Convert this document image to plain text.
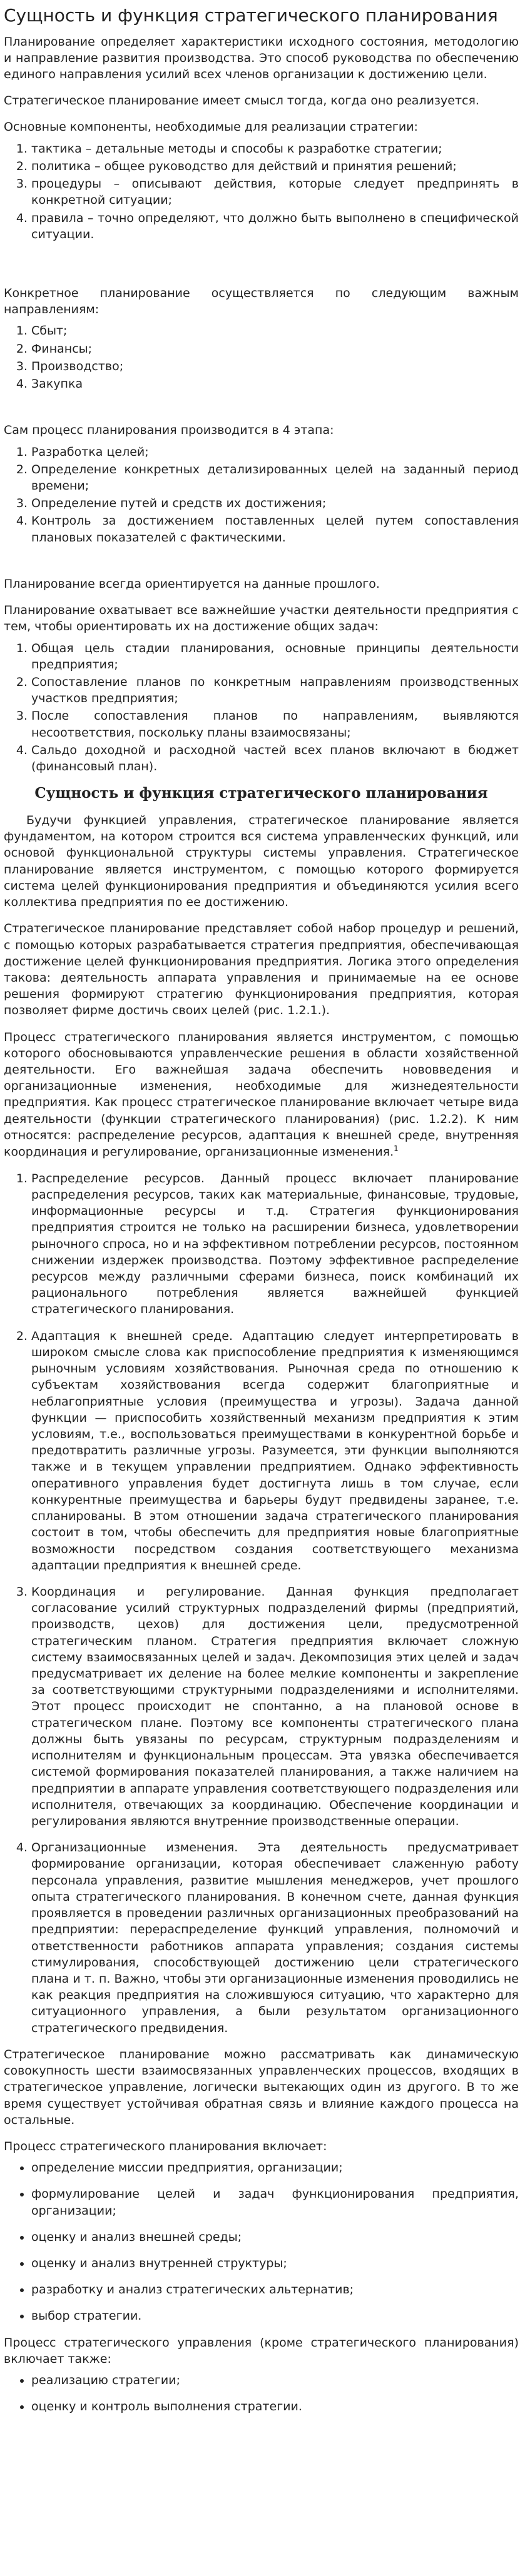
Сущность и функция стратегического планирования

Планирование определяет характеристики исходного состояния, методологию и направление развития производства. Это способ руководства по обеспечению единого направления усилий всех членов организации к достижению цели.

Стратегическое планирование имеет смысл тогда, когда оно реализуется.

Основные компоненты, необходимые для реализации стратегии:

1. тактика – детальные методы и способы к разработке стратегии;
2. политика – общее руководство для действий и принятия решений;
3. процедуры – описывают действия, которые следует предпринять в конкретной ситуации;
4. правила – точно определяют, что должно быть выполнено в специфической ситуации.

Конкретное планирование осуществляется по следующим важным направлениям:

1. Сбыт;
2. Финансы;
3. Производство;
4. Закупка

Сам процесс планирования производится в 4 этапа:

1. Разработка целей;
2. Определение конкретных детализированных целей на заданный период времени;
3. Определение путей и средств их достижения;
4. Контроль за достижением поставленных целей путем сопоставления плановых показателей с фактическими.

Планирование всегда ориентируется на данные прошлого.

Планирование охватывает все важнейшие участки деятельности предприятия с тем, чтобы ориентировать их на достижение общих задач:

1. Общая цель стадии планирования, основные принципы деятельности предприятия;
2. Сопоставление планов по конкретным направлениям производственных участков предприятия;
3. После сопоставления планов по направлениям, выявляются несоответствия, поскольку планы взаимосвязаны;
4. Сальдо доходной и расходной частей всех планов включают в бюджет (финансовый план).
Сущность и функция стратегического планирования

Будучи функцией управления, стратегическое планирование является фундаментом, на котором строится вся система управленческих функций, или основой функциональной структуры системы управления. Стратегическое планирование является инструментом, с помощью которого формируется система целей функционирования предприятия и объединяются усилия всего коллектива предприятия по ее достижению.

Стратегическое планирование представляет собой набор процедур и решений, с помощью которых разрабатывается стратегия предприятия, обеспечивающая достижение целей функционирования предприятия. Логика этого определения такова: деятельность аппарата управления и принимаемые на ее основе решения формируют стратегию функционирования предприятия, которая позволяет фирме достичь своих целей (рис. 1.2.1.).

Процесс стратегического планирования является инструментом, с помощью которого обосновываются управленческие решения в области хозяйственной деятельности. Его важнейшая задача обеспечить нововведения и организационные изменения, необходимые для жизнедеятельности предприятия. Как процесс стратегическое планирование включает четыре вида деятельности (функции стратегического планирования) (рис. 1.2.2). К ним относятся: распределение ресурсов, адаптация к внешней среде, внутренняя координация и регулирование, организационные изменения.$^1$

1. Распределение ресурсов. Данный процесс включает планирование распределения ресурсов, таких как материальные, финансовые, трудовые, информационные ресурсы и т.д. Стратегия функционирования предприятия строится не только на расширении бизнеса, удовлетворении рыночного спроса, но и на эффективном потреблении ресурсов, постоянном снижении издержек производства. Поэтому эффективное распределение ресурсов между различными сферами бизнеса, поиск комбинаций их рационального потребления является важнейшей функцией стратегического планирования.
2. Адаптация к внешней среде. Адаптацию следует интерпретировать в широком смысле слова как приспособление предприятия к изменяющимся рыночным условиям хозяйствования. Рыночная среда по отношению к субъектам хозяйствования всегда содержит благоприятные и неблагоприятные условия (преимущества и угрозы). Задача данной функции — приспособить хозяйственный механизм предприятия к этим условиям, т.е., воспользоваться преимуществами в конкурентной борьбе и предотвратить различные угрозы. Разумеется, эти функции выполняются также и в текущем управлении предприятием. Однако эффективность оперативного управления будет достигнута лишь в том случае, если конкурентные преимущества и барьеры будут предвидены заранее, т.е. спланированы. В этом отношении задача стратегического планирования состоит в том, чтобы обеспечить для предприятия новые благоприятные возможности посредством создания соответствующего механизма адаптации предприятия к внешней среде.
3. Координация и регулирование. Данная функция предполагает согласование усилий структурных подразделений фирмы (предприятий, производств, цехов) для достижения цели, предусмотренной стратегическим планом. Стратегия предприятия включает сложную систему взаимосвязанных целей и задач. Декомпозиция этих целей и задач предусматривает их деление на более мелкие компоненты и закрепление за соответствующими структурными подразделениями и исполнителями. Этот процесс происходит не спонтанно, а на плановой основе в стратегическом плане. Поэтому все компоненты стратегического плана должны быть увязаны по ресурсам, структурным подразделениям и исполнителям и функциональным процессам. Эта увязка обеспечивается системой формирования показателей планирования, а также наличием на предприятии в аппарате управления соответствующего подразделения или исполнителя, отвечающих за координацию. Обеспечение координации и регулирования являются внутренние производственные операции.
4. Организационные изменения. Эта деятельность предусматривает формирование организации, которая обеспечивает слаженную работу персонала управления, развитие мышления менеджеров, учет прошлого опыта стратегического планирования. В конечном счете, данная функция проявляется в проведении различных организационных преобразований на предприятии: перераспределение функций управления, полномочий и ответственности работников аппарата управления; создания системы стимулирования, способствующей достижению цели стратегического плана и т. п. Важно, чтобы эти организационные изменения проводились не как реакция предприятия на сложившуюся ситуацию, что характерно для ситуационного управления, а были результатом организационного стратегического предвидения.

Стратегическое планирование можно рассматривать как динамическую совокупность шести взаимосвязанных управленческих процессов, входящих в стратегическое управление, логически вытекающих один из другого. В то же время существует устойчивая обратная связь и влияние каждого процесса на остальные.

Процесс стратегического планирования включает:

• определение миссии предприятия, организации;
• формулирование целей и задач функционирования предприятия, организации;
• оценку и анализ внешней среды;
• оценку и анализ внутренней структуры;
• разработку и анализ стратегических альтернатив;
• выбор стратегии.

Процесс стратегического управления (кроме стратегического планирования) включает также:

• реализацию стратегии;
• оценку и контроль выполнения стратегии.
